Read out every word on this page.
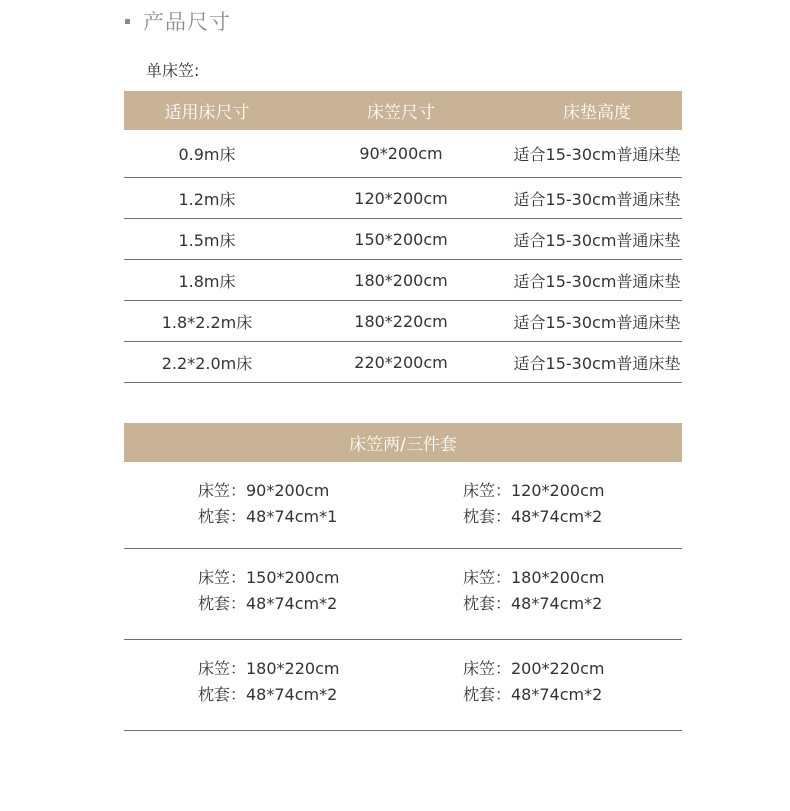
产品尺寸
单床笠:
适用床尺寸	床笠尺寸	床垫高度
0.9m床	90*200cm	适合15-30cm普通床垫
1.2m床	120*200cm	适合15-30cm普通床垫
1.5m床	150*200cm	适合15-30cm普通床垫
1.8m床	180*200cm	适合15-30cm普通床垫
1.8*2.2m床	180*220cm	适合15-30cm普通床垫
2.2*2.0m床	220*200cm	适合15-30cm普通床垫
床笠两/三件套
床笠：90*200cm
枕套：48*74cm*1
床笠：120*200cm
枕套：48*74cm*2
床笠：150*200cm
枕套：48*74cm*2
床笠：180*200cm
枕套：48*74cm*2
床笠：180*220cm
枕套：48*74cm*2
床笠：200*220cm
枕套：48*74cm*2
